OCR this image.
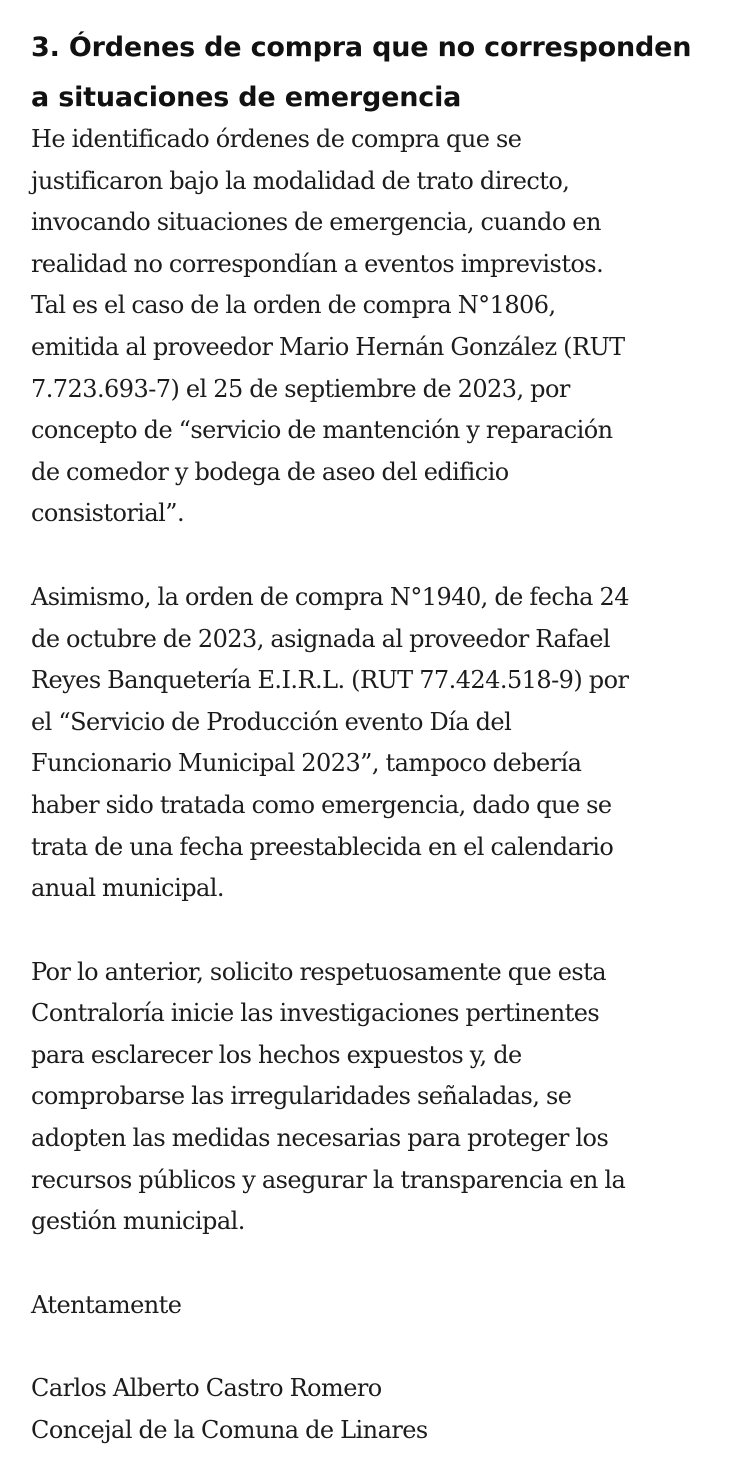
3. Órdenes de compra que no corresponden
a situaciones de emergencia

He identificado órdenes de compra que se
justificaron bajo la modalidad de trato directo,
invocando situaciones de emergencia, cuando en
realidad no correspondían a eventos imprevistos.
Tal es el caso de la orden de compra N°1806,
emitida al proveedor Mario Hernán González (RUT
7.723.693-7) el 25 de septiembre de 2023, por
concepto de “servicio de mantención y reparación
de comedor y bodega de aseo del edificio
consistorial”.

Asimismo, la orden de compra N°1940, de fecha 24
de octubre de 2023, asignada al proveedor Rafael
Reyes Banquetería E.I.R.L. (RUT 77.424.518-9) por
el “Servicio de Producción evento Día del
Funcionario Municipal 2023”, tampoco debería
haber sido tratada como emergencia, dado que se
trata de una fecha preestablecida en el calendario
anual municipal.

Por lo anterior, solicito respetuosamente que esta
Contraloría inicie las investigaciones pertinentes
para esclarecer los hechos expuestos y, de
comprobarse las irregularidades señaladas, se
adopten las medidas necesarias para proteger los
recursos públicos y asegurar la transparencia en la
gestión municipal.

Atentamente

Carlos Alberto Castro Romero
Concejal de la Comuna de Linares
